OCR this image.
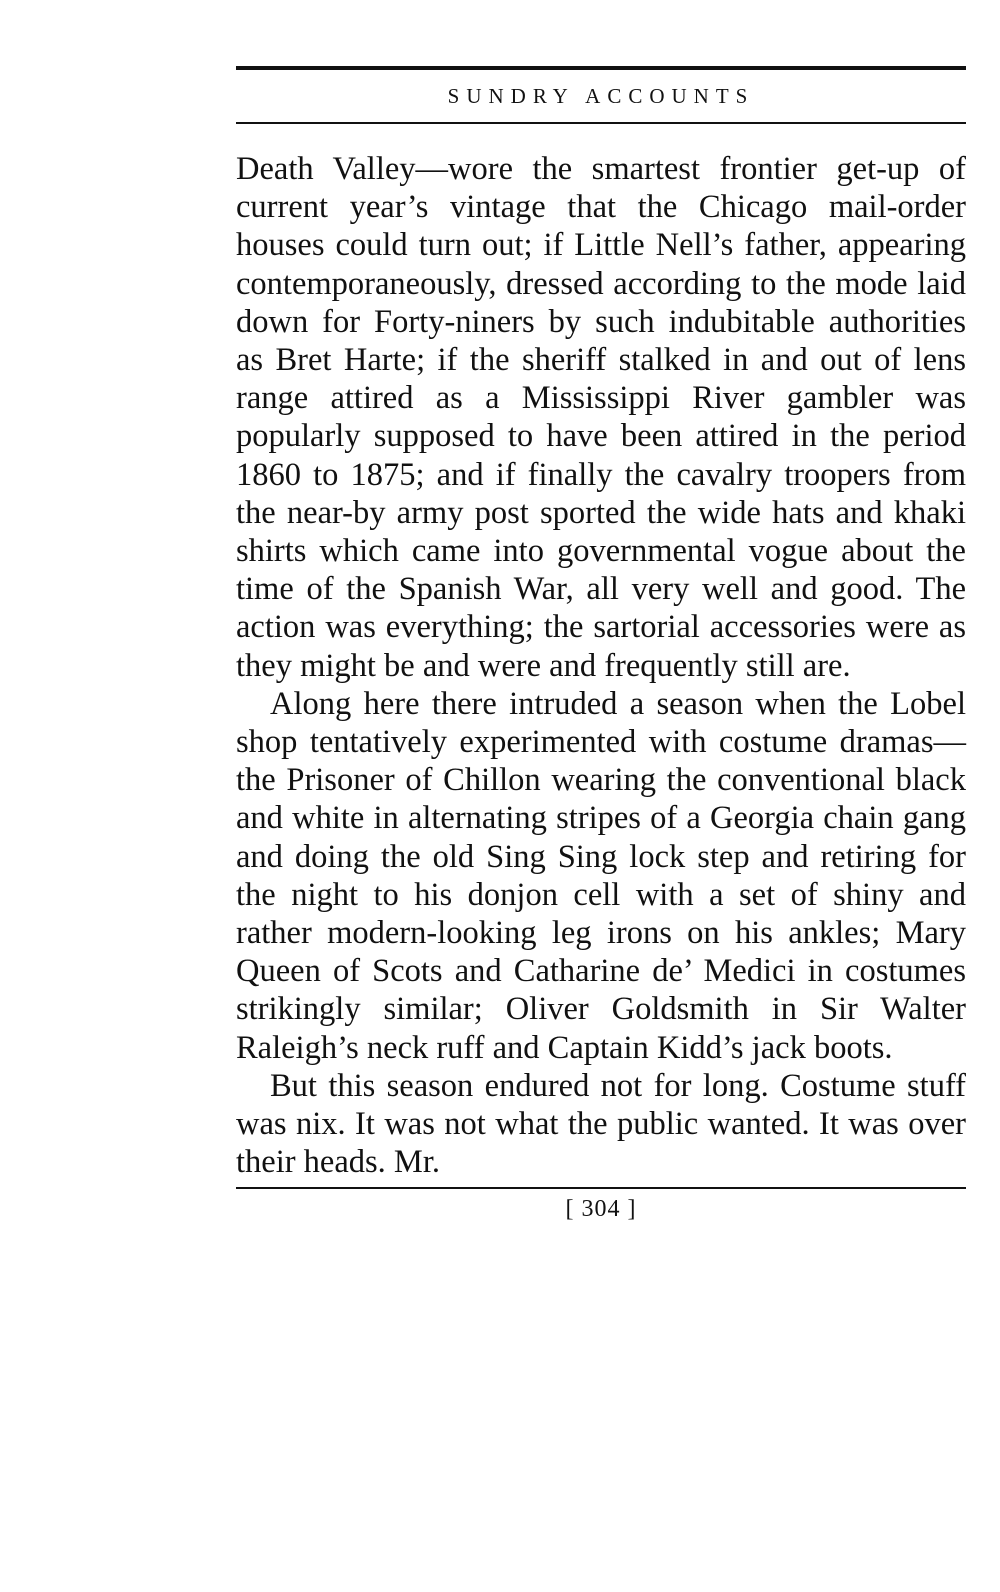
SUNDRY ACCOUNTS

Death Valley—wore the smartest frontier get-up of current year’s vintage that the Chicago mail-order houses could turn out; if Little Nell’s father, appearing contemporaneously, dressed according to the mode laid down for Forty-niners by such indubitable authorities as Bret Harte; if the sheriff stalked in and out of lens range attired as a Mississippi River gambler was popularly supposed to have been attired in the period 1860 to 1875; and if finally the cavalry troopers from the near-by army post sported the wide hats and khaki shirts which came into governmental vogue about the time of the Spanish War, all very well and good. The action was everything; the sartorial accessories were as they might be and were and frequently still are.

Along here there intruded a season when the Lobel shop tentatively experimented with costume dramas—the Prisoner of Chillon wearing the conventional black and white in alternating stripes of a Georgia chain gang and doing the old Sing Sing lock step and retiring for the night to his donjon cell with a set of shiny and rather modern-looking leg irons on his ankles; Mary Queen of Scots and Catharine de’ Medici in costumes strikingly similar; Oliver Goldsmith in Sir Walter Raleigh’s neck ruff and Captain Kidd’s jack boots.

But this season endured not for long. Costume stuff was nix. It was not what the public wanted. It was over their heads. Mr.

[ 304 ]
